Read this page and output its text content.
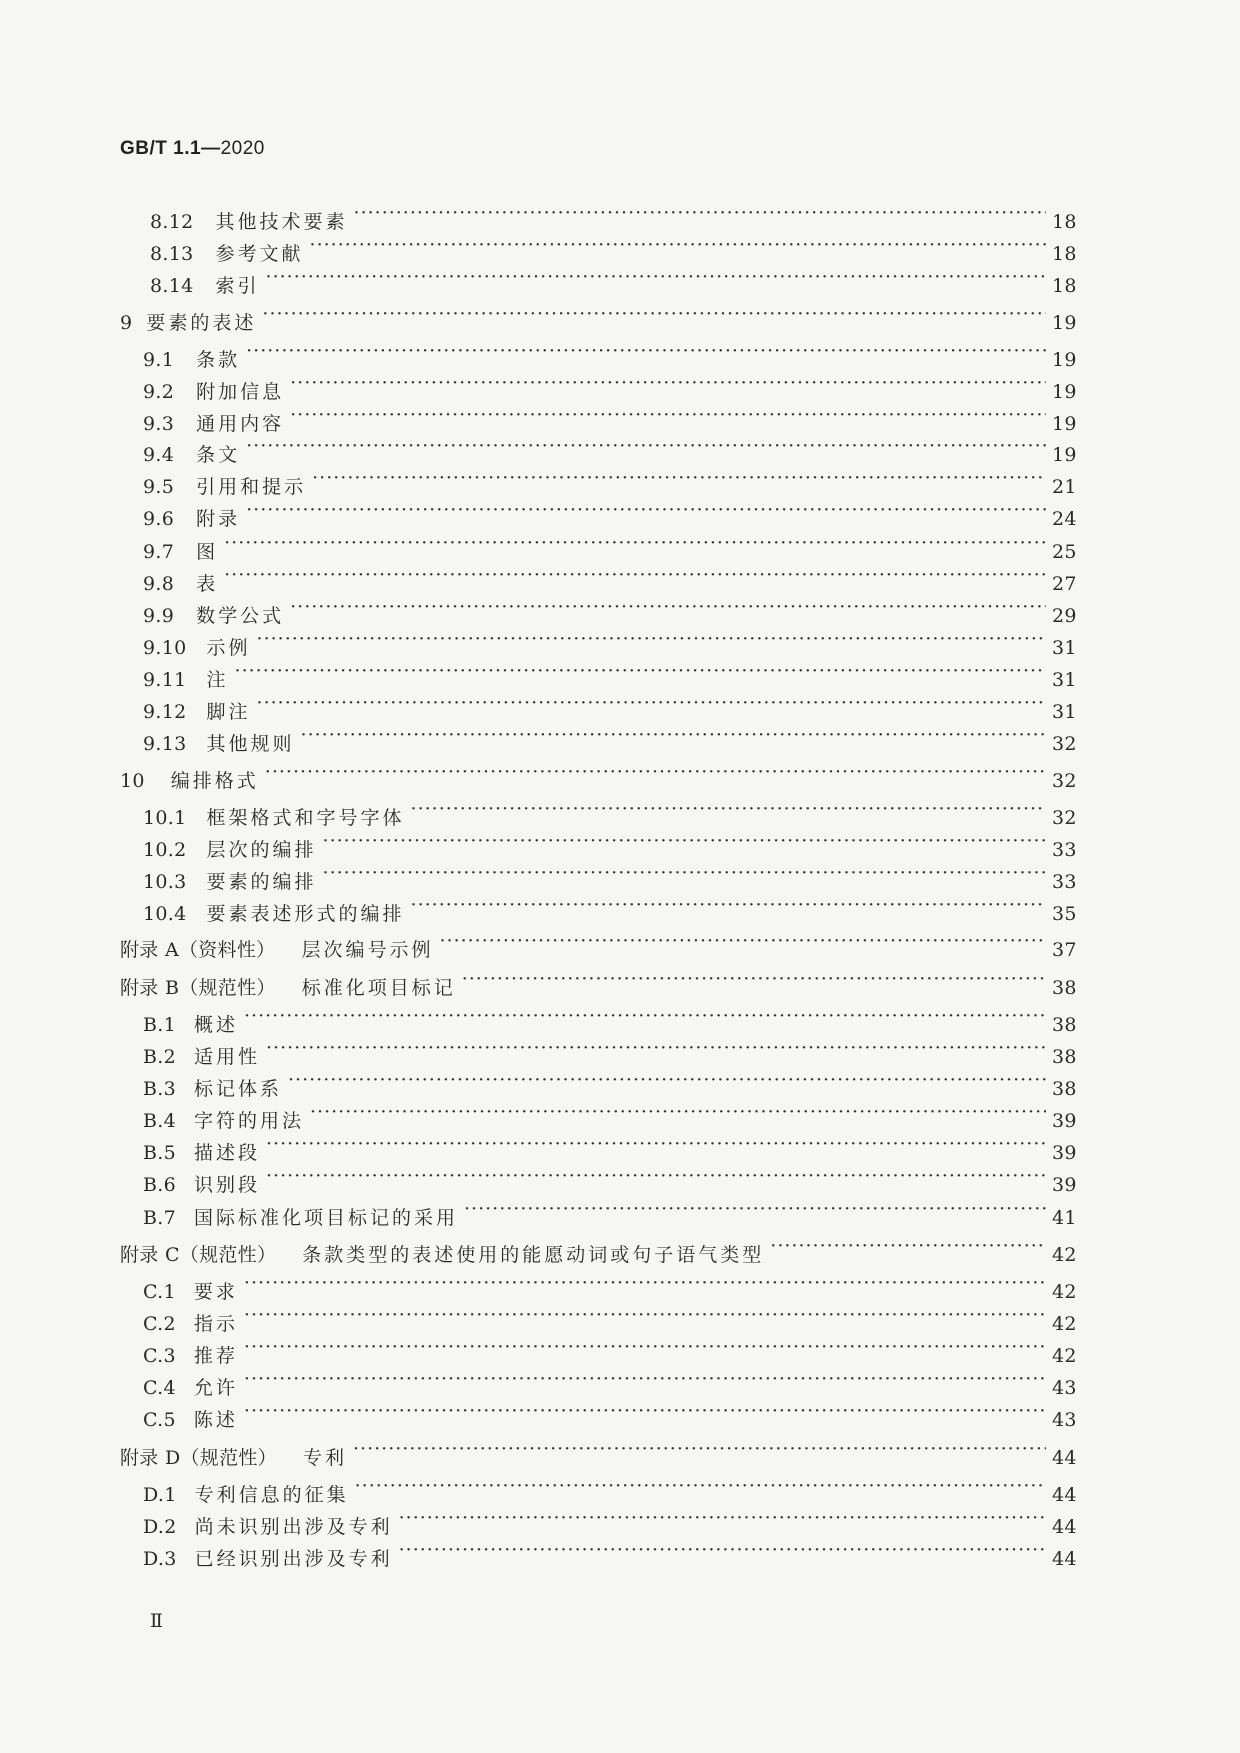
GB/T 1.1—2020
8.12 其他技术要素 ·····	18
8.13 参考文献 ·····	18
8.14 索引 ·····	18
9 要素的表述 ·····	19
9.1 条款 ·····	19
9.2 附加信息 ·····	19
9.3 通用内容 ·····	19
9.4 条文 ·····	19
9.5 引用和提示 ·····	21
9.6 附录 ·····	24
9.7 图 ·····	25
9.8 表 ·····	27
9.9 数学公式 ·····	29
9.10 示例 ·····	31
9.11 注 ·····	31
9.12 脚注 ·····	31
9.13 其他规则 ·····	32
10 编排格式 ·····	32
10.1 框架格式和字号字体 ·····	32
10.2 层次的编排 ·····	33
10.3 要素的编排 ·····	33
10.4 要素表述形式的编排 ·····	35
附录 A（资料性） 层次编号示例 ·····	37
附录 B（规范性） 标准化项目标记 ·····	38
B.1 概述 ·····	38
B.2 适用性 ·····	38
B.3 标记体系 ·····	38
B.4 字符的用法 ·····	39
B.5 描述段 ·····	39
B.6 识别段 ·····	39
B.7 国际标准化项目标记的采用 ·····	41
附录 C（规范性） 条款类型的表述使用的能愿动词或句子语气类型 ·····	42
C.1 要求 ·····	42
C.2 指示 ·····	42
C.3 推荐 ·····	42
C.4 允许 ·····	43
C.5 陈述 ·····	43
附录 D（规范性） 专利 ·····	44
D.1 专利信息的征集 ·····	44
D.2 尚未识别出涉及专利 ·····	44
D.3 已经识别出涉及专利 ·····	44
Ⅱ
